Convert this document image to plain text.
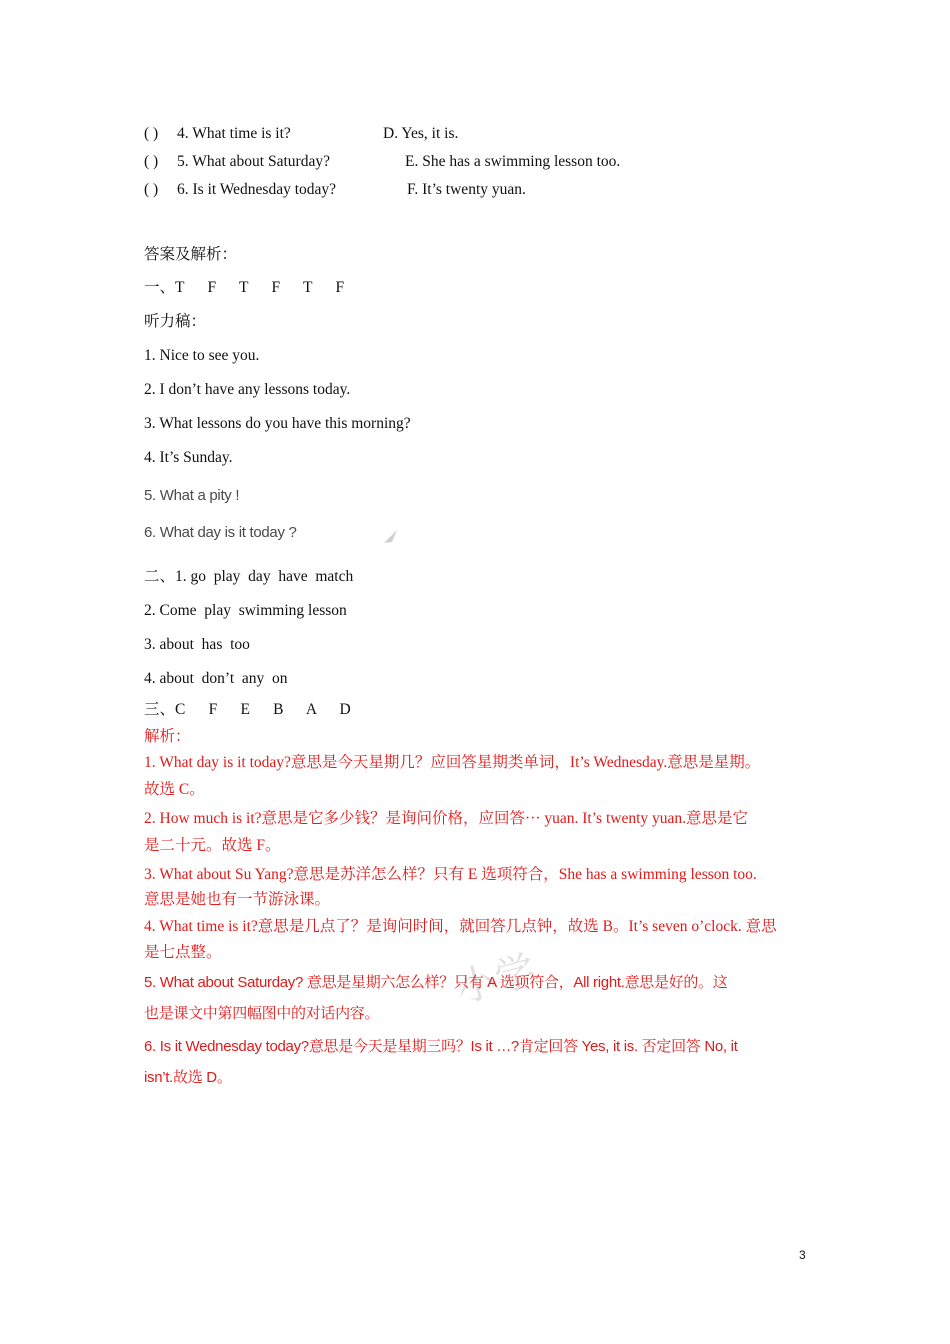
( ) 4. What time is it?	D. Yes, it is.
( ) 5. What about Saturday?	E. She has a swimming lesson too.
( ) 6. Is it Wednesday today?	F. It’s twenty yuan.
答案及解析：
一、T      F      T      F      T      F
听力稿：
1. Nice to see you.
2. I don’t have any lessons today.
3. What lessons do you have this morning?
4. It’s Sunday.
5. What a pity !
6. What day is it today ?
二、1. go  play  day  have  match
2. Come  play  swimming lesson
3. about  has  too
4. about  don’t  any  on
三、C      F      E      B      A      D
解析：
1. What day is it today?意思是今天星期几？应回答星期类单词，It’s Wednesday.意思是星期。
故选 C。
2. How much is it?意思是它多少钱？是询问价格，应回答··· yuan. It’s twenty yuan.意思是它
是二十元。故选 F。
3. What about Su Yang?意思是苏洋怎么样？只有 E 选项符合，She has a swimming lesson too.
意思是她也有一节游泳课。
4. What time is it?意思是几点了？是询问时间，就回答几点钟，故选 B。It’s seven o’clock. 意思
是七点整。	小学
5. What about Saturday? 意思是星期六怎么样？只有 A 选项符合，All right.意思是好的。这
也是课文中第四幅图中的对话内容。
6. Is it Wednesday today?意思是今天是星期三吗？Is it …?肯定回答 Yes, it is. 否定回答 No, it
isn’t.故选 D。
3
